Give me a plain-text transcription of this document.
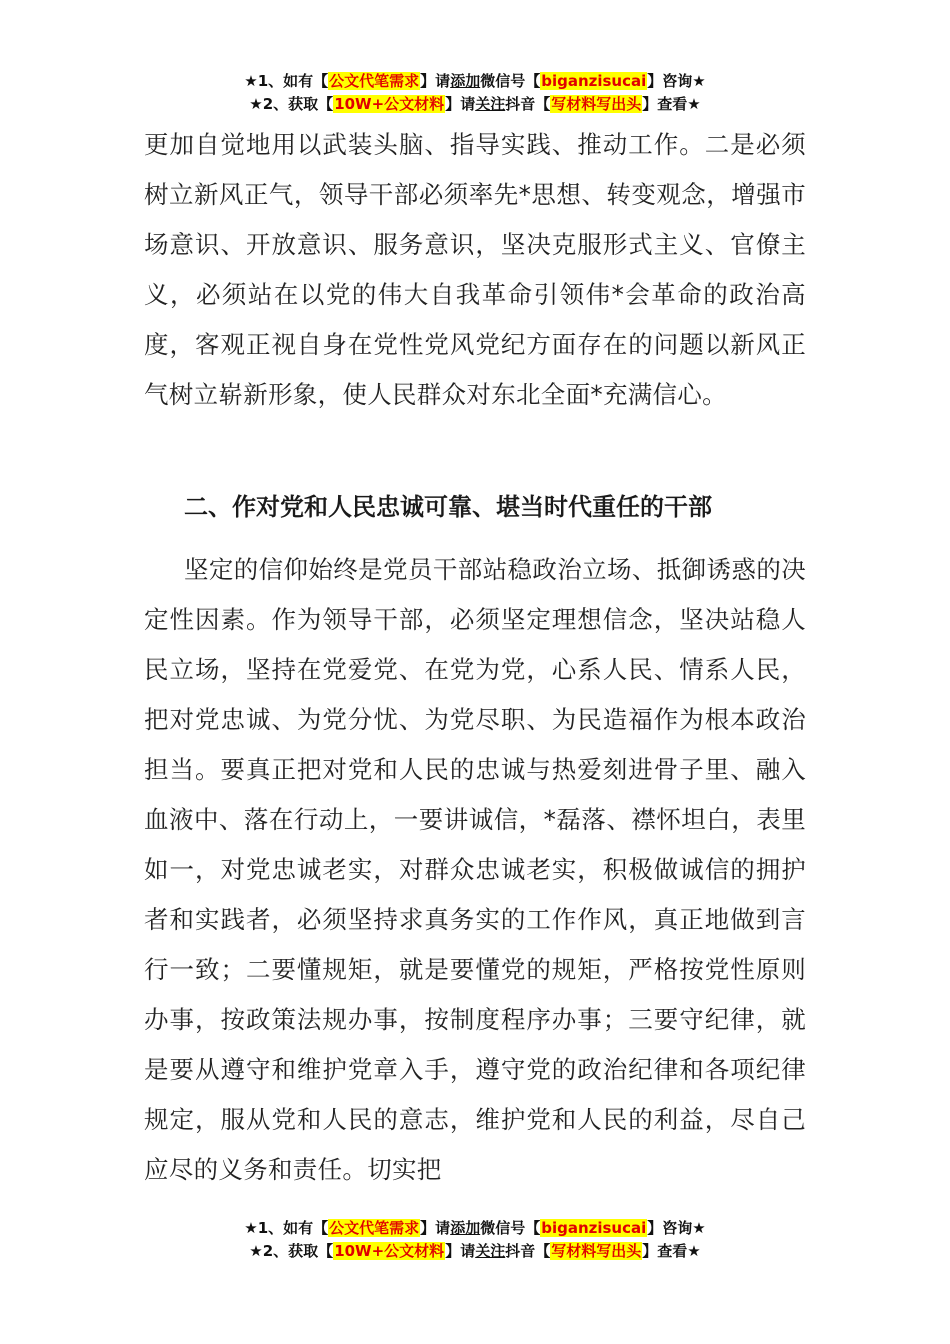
★1、如有【公文代笔需求】请添加微信号【biganzisucai】咨询★
★2、获取【10W+公文材料】请关注抖音【写材料写出头】查看★
更加自觉地用以武装头脑、指导实践、推动工作。二是必须树立新风正气，领导干部必须率先*思想、转变观念，增强市场意识、开放意识、服务意识，坚决克服形式主义、官僚主义，必须站在以党的伟大自我革命引领伟*会革命的政治高度，客观正视自身在党性党风党纪方面存在的问题以新风正气树立崭新形象，使人民群众对东北全面*充满信心。
二、作对党和人民忠诚可靠、堪当时代重任的干部
坚定的信仰始终是党员干部站稳政治立场、抵御诱惑的决定性因素。作为领导干部，必须坚定理想信念，坚决站稳人民立场，坚持在党爱党、在党为党，心系人民、情系人民，把对党忠诚、为党分忧、为党尽职、为民造福作为根本政治担当。要真正把对党和人民的忠诚与热爱刻进骨子里、融入血液中、落在行动上，一要讲诚信，*磊落、襟怀坦白，表里如一，对党忠诚老实，对群众忠诚老实，积极做诚信的拥护者和实践者，必须坚持求真务实的工作作风，真正地做到言行一致；二要懂规矩，就是要懂党的规矩，严格按党性原则办事，按政策法规办事，按制度程序办事；三要守纪律，就是要从遵守和维护党章入手，遵守党的政治纪律和各项纪律规定，服从党和人民的意志，维护党和人民的利益，尽自己应尽的义务和责任。切实把
★1、如有【公文代笔需求】请添加微信号【biganzisucai】咨询★
★2、获取【10W+公文材料】请关注抖音【写材料写出头】查看★
